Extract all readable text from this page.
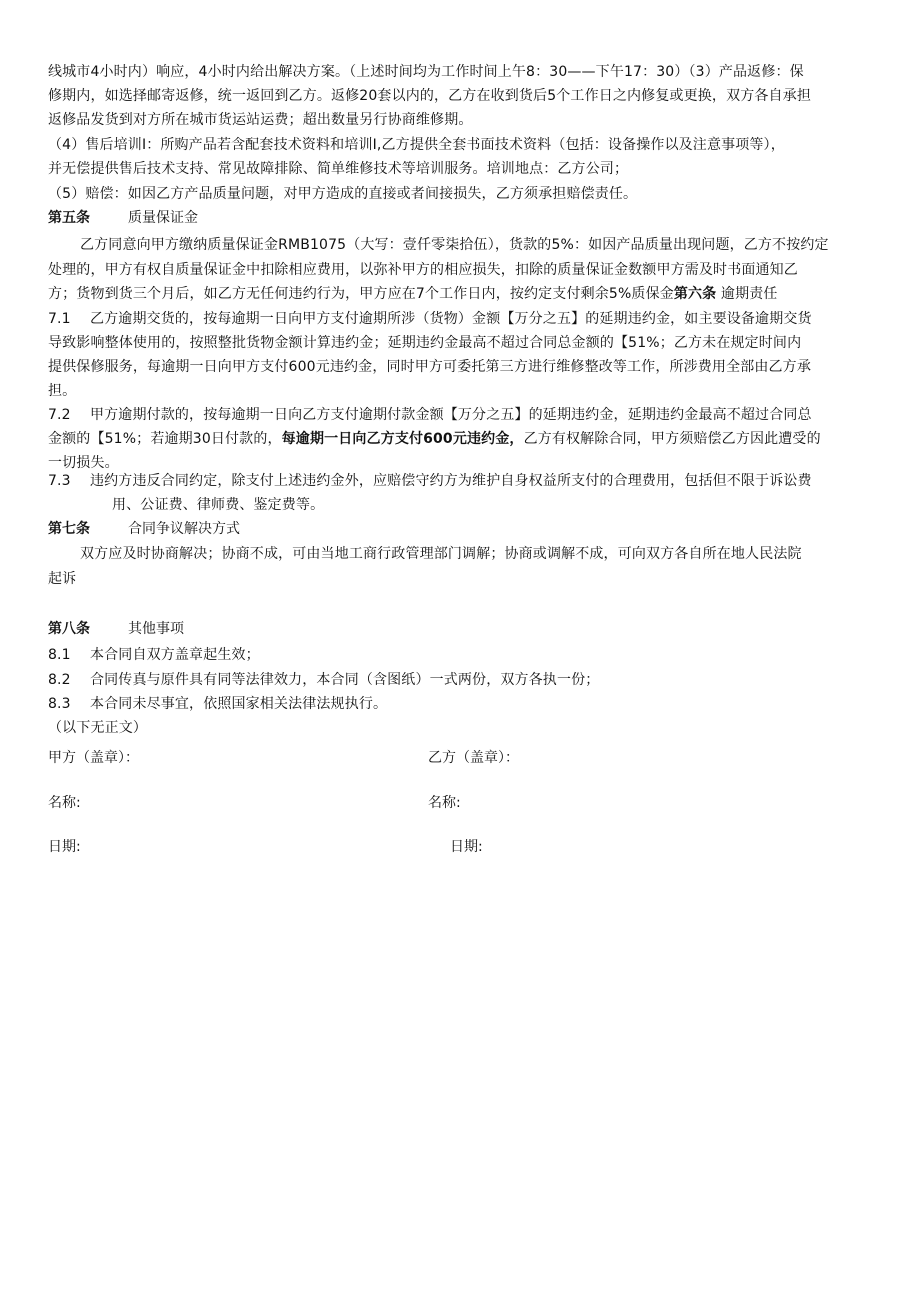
线城市4小时内）响应，4小时内给出解决方案。（上述时间均为工作时间上午8：30——下午17：30）（3）产品返修：保
修期内，如选择邮寄返修，统一返回到乙方。返修20套以内的，乙方在收到货后5个工作日之内修复或更换，双方各自承担
返修品发货到对方所在城市货运站运费；超出数量另行协商维修期。
（4）售后培训I：所购产品若含配套技术资料和培训I,乙方提供全套书面技术资料（包括：设备操作以及注意事项等），
并无偿提供售后技术支持、常见故障排除、简单维修技术等培训服务。培训地点：乙方公司；
（5）赔偿：如因乙方产品质量问题，对甲方造成的直接或者间接损失，乙方须承担赔偿责任。
第五条	质量保证金
乙方同意向甲方缴纳质量保证金RMB1075（大写：壹仟零柒拾伍），货款的5%：如因产品质量出现问题，乙方不按约定
处理的，甲方有权自质量保证金中扣除相应费用，以弥补甲方的相应损失，扣除的质量保证金数额甲方需及时书面通知乙
方；货物到货三个月后，如乙方无任何违约行为，甲方应在7个工作日内，按约定支付剩余5%质保金第六条 逾期责任
7.1 乙方逾期交货的，按每逾期一日向甲方支付逾期所涉（货物）金额【万分之五】的延期违约金，如主要设备逾期交货
导致影响整体使用的，按照整批货物金额计算违约金；延期违约金最高不超过合同总金额的【51%；乙方未在规定时间内
提供保修服务，每逾期一日向甲方支付600元违约金，同时甲方可委托第三方进行维修整改等工作，所涉费用全部由乙方承
担。
7.2 甲方逾期付款的，按每逾期一日向乙方支付逾期付款金额【万分之五】的延期违约金，延期违约金最高不超过合同总
金额的【51%；若逾期30日付款的，每逾期一日向乙方支付600元违约金，乙方有权解除合同，甲方须赔偿乙方因此遭受的
一切损失。
7.3 违约方违反合同约定，除支付上述违约金外，应赔偿守约方为维护自身权益所支付的合理费用，包括但不限于诉讼费
用、公证费、律师费、鉴定费等。
第七条	合同争议解决方式
双方应及时协商解决；协商不成，可由当地工商行政管理部门调解；协商或调解不成，可向双方各自所在地人民法院
起诉
第八条	其他事项
8.1 本合同自双方盖章起生效；
8.2 合同传真与原件具有同等法律效力，本合同（含图纸）一式两份，双方各执一份；
8.3 本合同未尽事宜，依照国家相关法律法规执行。
（以下无正文）
甲方（盖章）：	乙方（盖章）：
名称:	名称:
日期:	日期:
